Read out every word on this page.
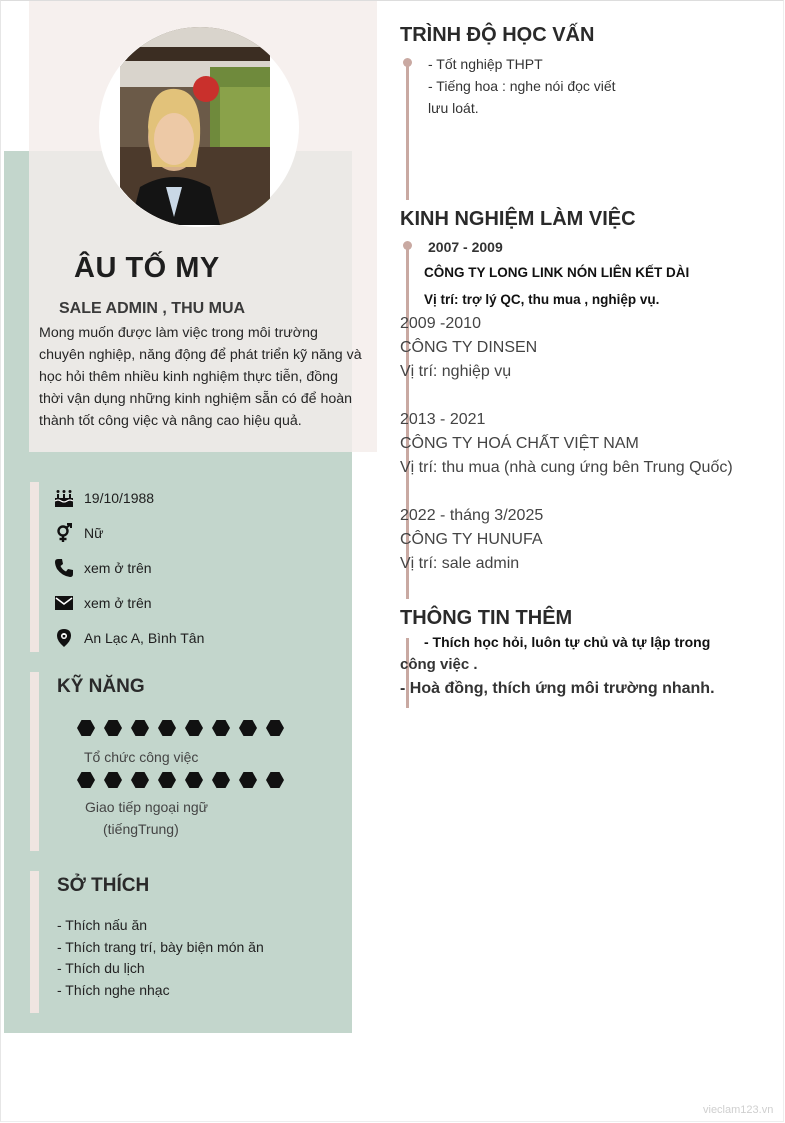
ÂU TỐ MY
SALE ADMIN , THU MUA
Mong muốn được làm việc trong môi trường chuyên nghiệp, năng động để phát triển kỹ năng và học hỏi thêm nhiều kinh nghiệm thực tiễn, đồng thời vận dụng những kinh nghiệm sẵn có để hoàn thành tốt công việc và nâng cao hiệu quả.
19/10/1988
Nữ
xem ở trên
xem ở trên
An Lạc A, Bình Tân
KỸ NĂNG
Tổ chức công việc
Giao tiếp ngoại ngữ
(tiếngTrung)
SỞ THÍCH
- Thích nấu ăn
- Thích trang trí, bày biện món ăn
- Thích du lịch
- Thích nghe nhạc
TRÌNH ĐỘ HỌC VẤN
- Tốt nghiệp THPT
- Tiếng hoa : nghe nói đọc viết
lưu loát.
KINH NGHIỆM LÀM VIỆC
2007 - 2009
CÔNG TY LONG LINK NÓN LIÊN KẾT DÀI
Vị trí: trợ lý QC, thu mua , nghiệp vụ.
2009 -2010
CÔNG TY DINSEN
Vị trí: nghiệp vụ
2013 - 2021
CÔNG TY HOÁ CHẤT VIỆT NAM
Vị trí: thu mua (nhà cung ứng bên Trung Quốc)
2022 - tháng 3/2025
CÔNG TY HUNUFA
Vị trí: sale admin
THÔNG TIN THÊM
- Thích học hỏi, luôn tự chủ và tự lập trong
công việc .
- Hoà đồng, thích ứng môi trường nhanh.
vieclam123.vn
